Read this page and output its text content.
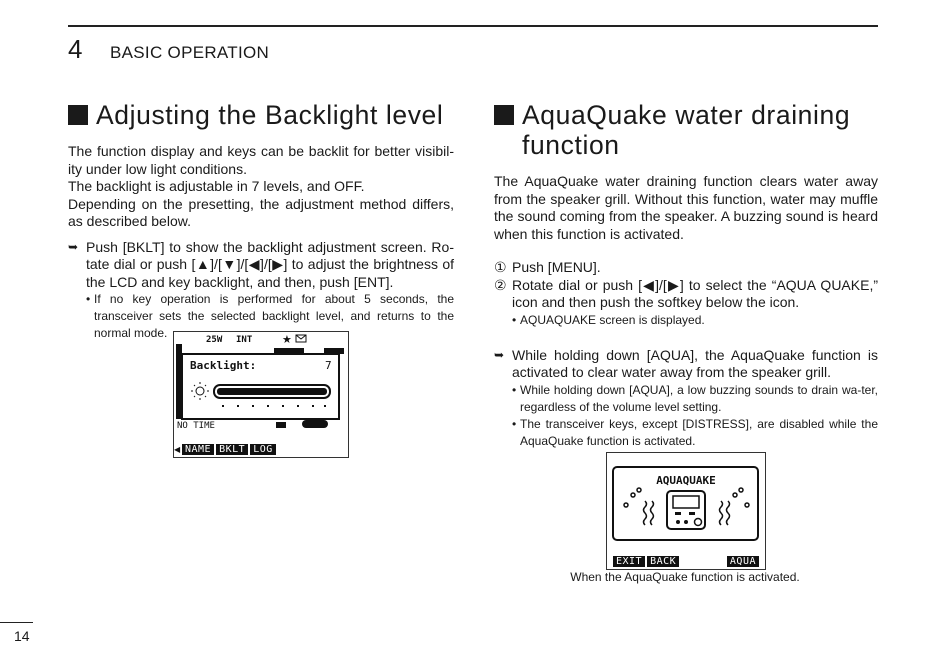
4 BASIC OPERATION
Adjusting the Backlight level

The function display and keys can be backlit for better visibil-ity under low light conditions.

The backlight is adjustable in 7 levels, and OFF.

Depending on the presetting, the adjustment method differs, as described below.

➥ Push [BKLT] to show the backlight adjustment screen. Ro-tate dial or push [▲]/[▼]/[◀]/[▶] to adjust the brightness of the LCD and key backlight, and then, push [ENT].
• If no key operation is performed for about 5 seconds, the transceiver sets the selected backlight level, and returns to the normal mode.	25W INT	★
Backlight:	7
NO TIME
◀ NAME BKLT LOG
AquaQuake water draining function

The AquaQuake water draining function clears water away from the speaker grill. Without this function, water may muffle the sound coming from the speaker. A buzzing sound is heard when this function is activated.

① Push [MENU].
② Rotate dial or push [◀]/[▶] to select the “AQUA QUAKE,” icon and then push the softkey below the icon.
• AQUAQUAKE screen is displayed.
➥ While holding down [AQUA], the AquaQuake function is activated to clear water away from the speaker grill.
• While holding down [AQUA], a low buzzing sounds to drain wa-ter, regardless of the volume level setting.
• The transceiver keys, except [DISTRESS], are disabled while the AquaQuake function is activated.
AQUAQUAKE
EXIT BACK	AQUA
When the AquaQuake function is activated.
14
